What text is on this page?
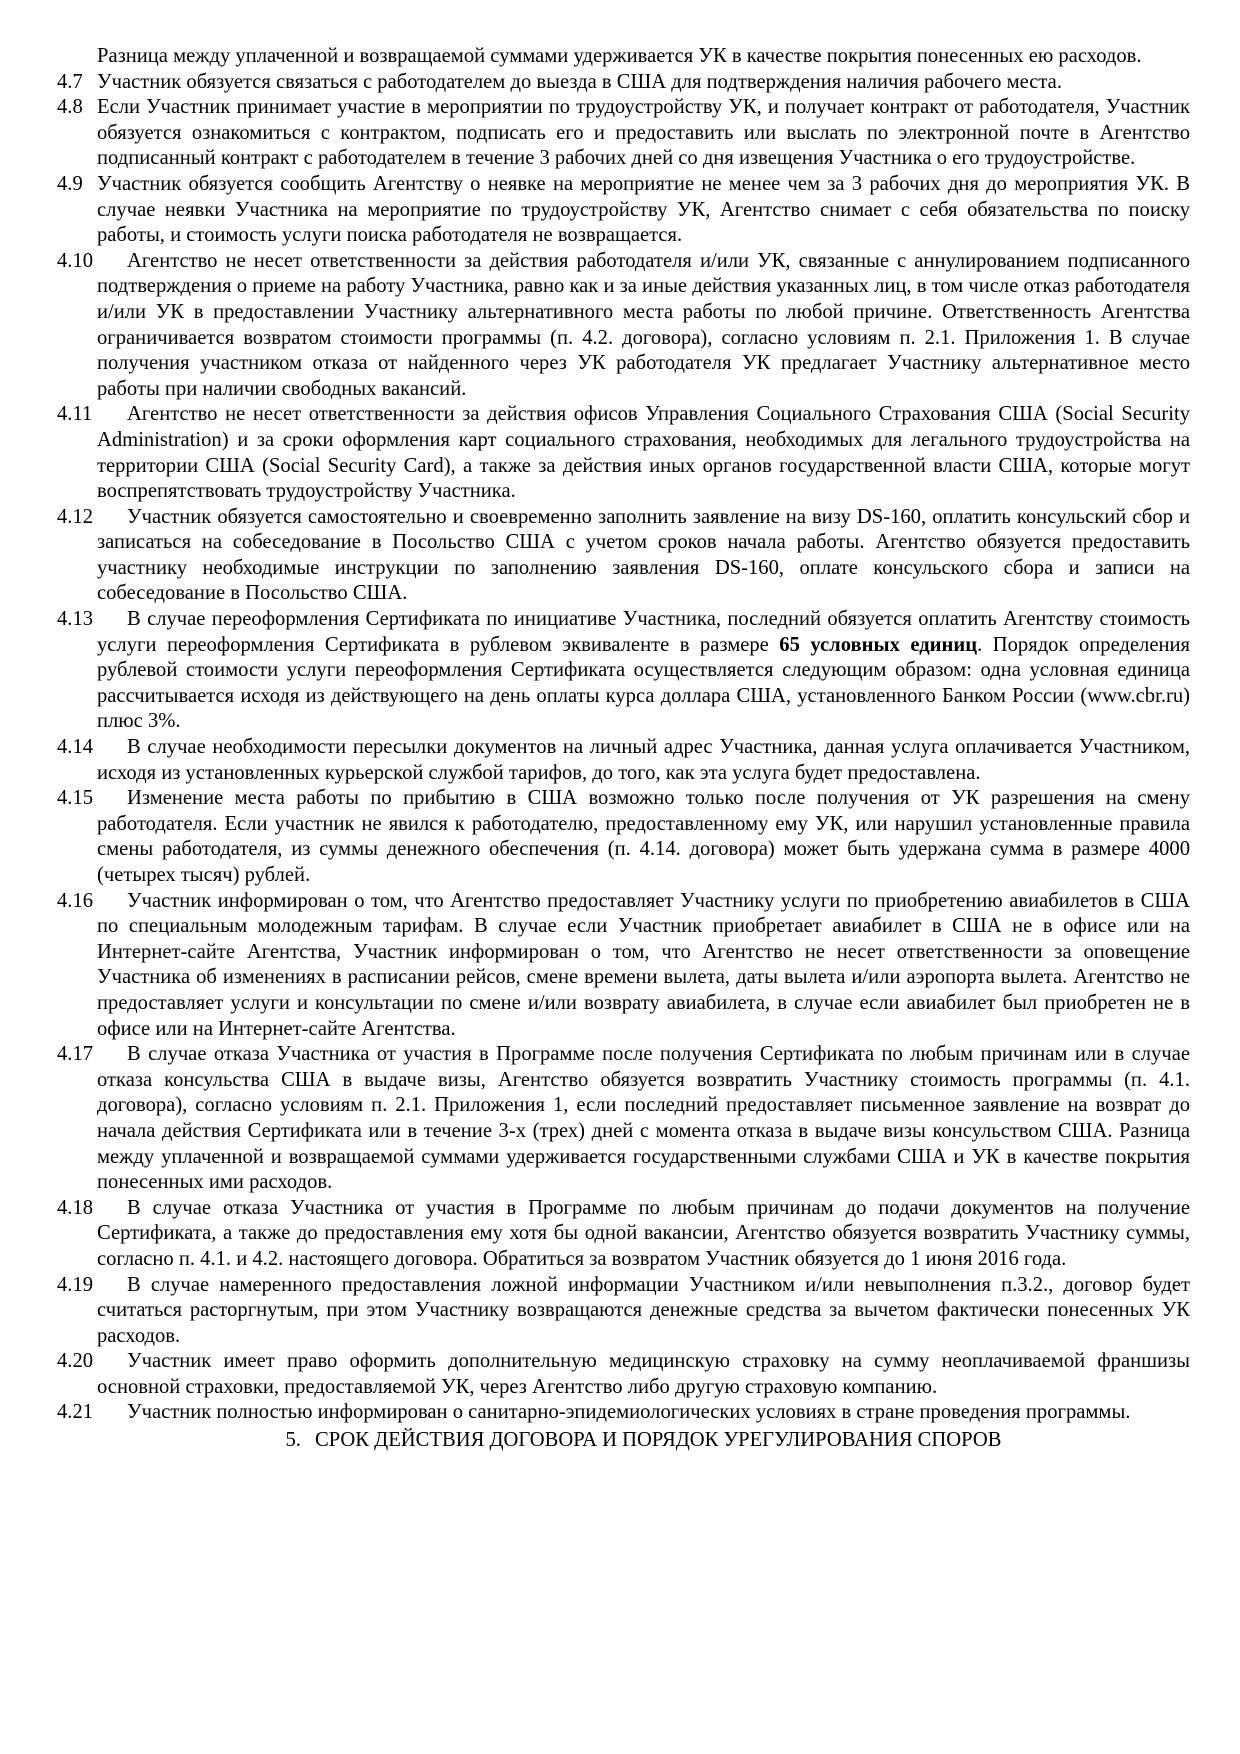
Разница между уплаченной и возвращаемой суммами удерживается УК в качестве покрытия понесенных ею расходов.
4.7 Участник обязуется связаться с работодателем до выезда в США для подтверждения наличия рабочего места.
4.8 Если Участник принимает участие в мероприятии по трудоустройству УК, и получает контракт от работодателя, Участник обязуется ознакомиться с контрактом, подписать его и предоставить или выслать по электронной почте в Агентство подписанный контракт с работодателем в течение 3 рабочих дней со дня извещения Участника о его трудоустройстве.
4.9 Участник обязуется сообщить Агентству о неявке на мероприятие не менее чем за 3 рабочих дня до мероприятия УК. В случае неявки Участника на мероприятие по трудоустройству УК, Агентство снимает с себя обязательства по поиску работы, и стоимость услуги поиска работодателя не возвращается.
4.10	Агентство не несет ответственности за действия работодателя и/или УК, связанные с аннулированием подписанного подтверждения о приеме на работу Участника, равно как и за иные действия указанных лиц, в том числе отказ работодателя и/или УК в предоставлении Участнику альтернативного места работы по любой причине. Ответственность Агентства ограничивается возвратом стоимости программы (п. 4.2. договора), согласно условиям п. 2.1. Приложения 1. В случае получения участником отказа от найденного через УК работодателя УК предлагает Участнику альтернативное место работы при наличии свободных вакансий.
4.11	Агентство не несет ответственности за действия офисов Управления Социального Страхования США (Social Security Administration) и за сроки оформления карт социального страхования, необходимых для легального трудоустройства на территории США (Social Security Card), а также за действия иных органов государственной власти США, которые могут воспрепятствовать трудоустройству Участника.
4.12	Участник обязуется самостоятельно и своевременно заполнить заявление на визу DS-160, оплатить консульский сбор и записаться на собеседование в Посольство США с учетом сроков начала работы. Агентство обязуется предоставить участнику необходимые инструкции по заполнению заявления DS-160, оплате консульского сбора и записи на собеседование в Посольство США.
4.13	В случае переоформления Сертификата по инициативе Участника, последний обязуется оплатить Агентству стоимость услуги переоформления Сертификата в рублевом эквиваленте в размере 65 условных единиц. Порядок определения рублевой стоимости услуги переоформления Сертификата осуществляется следующим образом: одна условная единица рассчитывается исходя из действующего на день оплаты курса доллара США, установленного Банком России (www.cbr.ru) плюс 3%.
4.14	В случае необходимости пересылки документов на личный адрес Участника, данная услуга оплачивается Участником, исходя из установленных курьерской службой тарифов, до того, как эта услуга будет предоставлена.
4.15	Изменение места работы по прибытию в США возможно только после получения от УК разрешения на смену работодателя. Если участник не явился к работодателю, предоставленному ему УК, или нарушил установленные правила смены работодателя, из суммы денежного обеспечения (п. 4.14. договора) может быть удержана сумма в размере 4000 (четырех тысяч) рублей.
4.16	Участник информирован о том, что Агентство предоставляет Участнику услуги по приобретению авиабилетов в США по специальным молодежным тарифам. В случае если Участник приобретает авиабилет в США не в офисе или на Интернет-сайте Агентства, Участник информирован о том, что Агентство не несет ответственности за оповещение Участника об изменениях в расписании рейсов, смене времени вылета, даты вылета и/или аэропорта вылета. Агентство не предоставляет услуги и консультации по смене и/или возврату авиабилета, в случае если авиабилет был приобретен не в офисе или на Интернет-сайте Агентства.
4.17	В случае отказа Участника от участия в Программе после получения Сертификата по любым причинам или в случае отказа консульства США в выдаче визы, Агентство обязуется возвратить Участнику стоимость программы (п. 4.1. договора), согласно условиям п. 2.1. Приложения 1, если последний предоставляет письменное заявление на возврат до начала действия Сертификата или в течение 3-х (трех) дней с момента отказа в выдаче визы консульством США. Разница между уплаченной и возвращаемой суммами удерживается государственными службами США и УК в качестве покрытия понесенных ими расходов.
4.18	В случае отказа Участника от участия в Программе по любым причинам до подачи документов на получение Сертификата, а также до предоставления ему хотя бы одной вакансии, Агентство обязуется возвратить Участнику суммы, согласно п. 4.1. и 4.2. настоящего договора. Обратиться за возвратом Участник обязуется до 1 июня 2016 года.
4.19	В случае намеренного предоставления ложной информации Участником и/или невыполнения п.3.2., договор будет считаться расторгнутым, при этом Участнику возвращаются денежные средства за вычетом фактически понесенных УК расходов.
4.20	Участник имеет право оформить дополнительную медицинскую страховку на сумму неоплачиваемой франшизы основной страховки, предоставляемой УК, через Агентство либо другую страховую компанию.
4.21	Участник полностью информирован о санитарно-эпидемиологических условиях в стране проведения программы.
5. СРОК ДЕЙСТВИЯ ДОГОВОРА И ПОРЯДОК УРЕГУЛИРОВАНИЯ СПОРОВ
